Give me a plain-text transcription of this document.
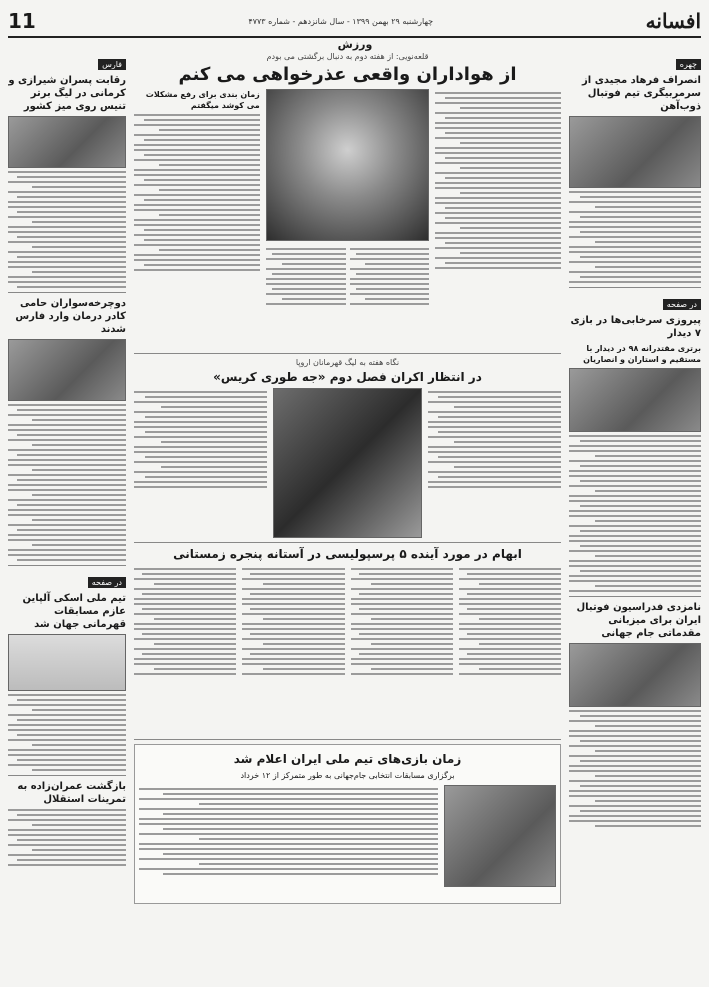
افسانه
چهارشنبه ۲۹ بهمن ۱۳۹۹ - سال شانزدهم - شماره ۴۷۷۳
11
ورزش
چهره
انصراف فرهاد مجیدی از سرمربیگری تیم فوتبال ذوب‌آهن
در صفحه
پیروزی سرخابی‌ها در بازی ۷ دیدار
برتری مقتدرانه ۹۸ در دیدار با مستقیم و استاران و انصاریان
نامزدی فدراسیون فوتبال ایران برای میزبانی مقدماتی جام جهانی
فارس
رقابت پسران شیرازی و کرمانی در لیگ برتر تنیس روی میز کشور
دوچرخه‌سواران حامی کادر درمان وارد فارس شدند
در صفحه
تیم ملی اسکی آلپاین عازم مسابقات قهرمانی جهان شد
بازگشت عمران‌زاده به تمرینات استقلال
قلعه‌نویی: از هفته دوم به دنبال برگشتی می بودم
از هواداران واقعی عذرخواهی می کنم
زمان بندی برای رفع مشکلات می کوشد میگفتم
نگاه هفته به لیگ قهرمانان اروپا
در انتظار اکران فصل دوم «جه طوری کریس»
ابهام در مورد آینده ۵ پرسپولیسی در آستانه پنجره زمستانی
زمان بازی‌های تیم ملی ایران اعلام شد
برگزاری مسابقات انتخابی جام‌جهانی به طور متمرکز از ۱۲ خرداد
